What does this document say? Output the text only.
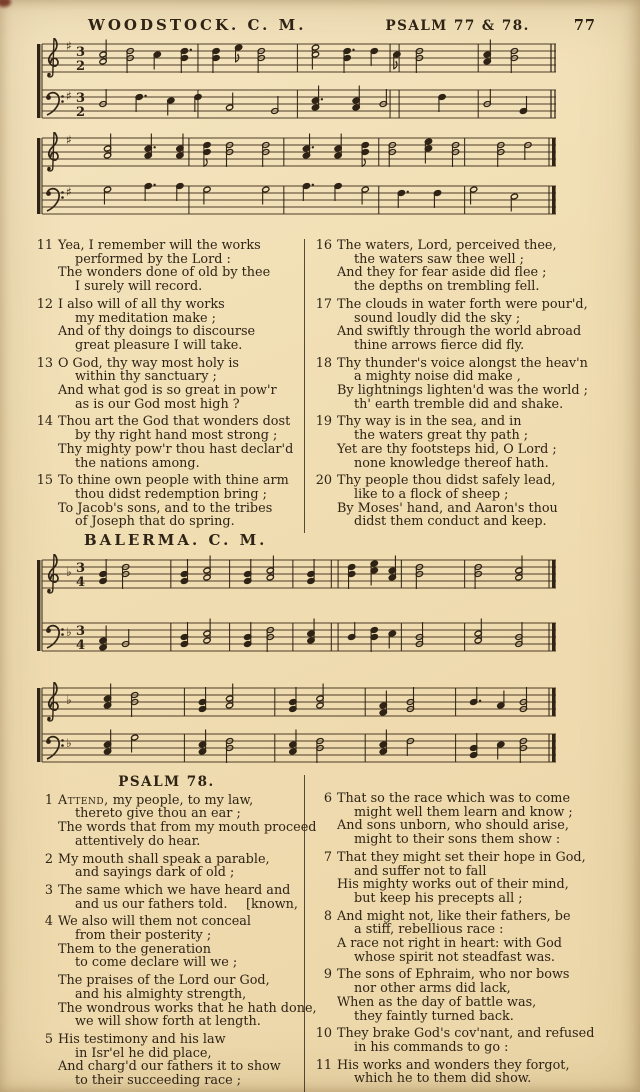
WOODSTOCK. C. M.	PSALM 77 & 78.	77
♯ 3
2
♯ 3
2
♯
♯
♭ 3
4
♭ 3
4
♭
♭
11 Yea, I remember will the works
performed by the Lord :
The wonders done of old by thee
I surely will record.
12 I also will of all thy works
my meditation make ;
And of thy doings to discourse
great pleasure I will take.
13 O God, thy way most holy is
within thy sanctuary ;
And what god is so great in pow'r
as is our God most high ?
14 Thou art the God that wonders dost
by thy right hand most strong ;
Thy mighty pow'r thou hast declar'd
the nations among.
15 To thine own people with thine arm
thou didst redemption bring ;
To Jacob's sons, and to the tribes
of Joseph that do spring.
16 The waters, Lord, perceived thee,
the waters saw thee well ;
And they for fear aside did flee ;
the depths on trembling fell.
17 The clouds in water forth were pour'd,
sound loudly did the sky ;
And swiftly through the world abroad
thine arrows fierce did fly.
18 Thy thunder's voice alongst the heav'n
a mighty noise did make ,
By lightnings lighten'd was the world ;
th' earth tremble did and shake.
19 Thy way is in the sea, and in
the waters great thy path ;
Yet are thy footsteps hid, O Lord ;
none knowledge thereof hath.
20 Thy people thou didst safely lead,
like to a flock of sheep ;
By Moses' hand, and Aaron's thou
didst them conduct and keep.
BALERMA. C. M.
PSALM 78.
1 Attend, my people, to my law,
thereto give thou an ear ;
The words that from my mouth proceed
attentively do hear.
2 My mouth shall speak a parable,
and sayings dark of old ;
3 The same which we have heard and
and us our fathers told. [known,
4 We also will them not conceal
from their posterity ;
Them to the generation
to come declare will we ;
The praises of the Lord our God,
and his almighty strength,
The wondrous works that he hath done,
we will show forth at length.
5 His testimony and his law
in Isr'el he did place,
And charg'd our fathers it to show
to their succeeding race ;
6 That so the race which was to come
might well them learn and know ;
And sons unborn, who should arise,
might to their sons them show :
7 That they might set their hope in God,
and suffer not to fall
His mighty works out of their mind,
but keep his precepts all ;
8 And might not, like their fathers, be
a stiff, rebellious race :
A race not right in heart: with God
whose spirit not steadfast was.
9 The sons of Ephraim, who nor bows
nor other arms did lack,
When as the day of battle was,
they faintly turned back.
10 They brake God's cov'nant, and refused
in his commands to go :
11 His works and wonders they forgot,
which he to them did show.
